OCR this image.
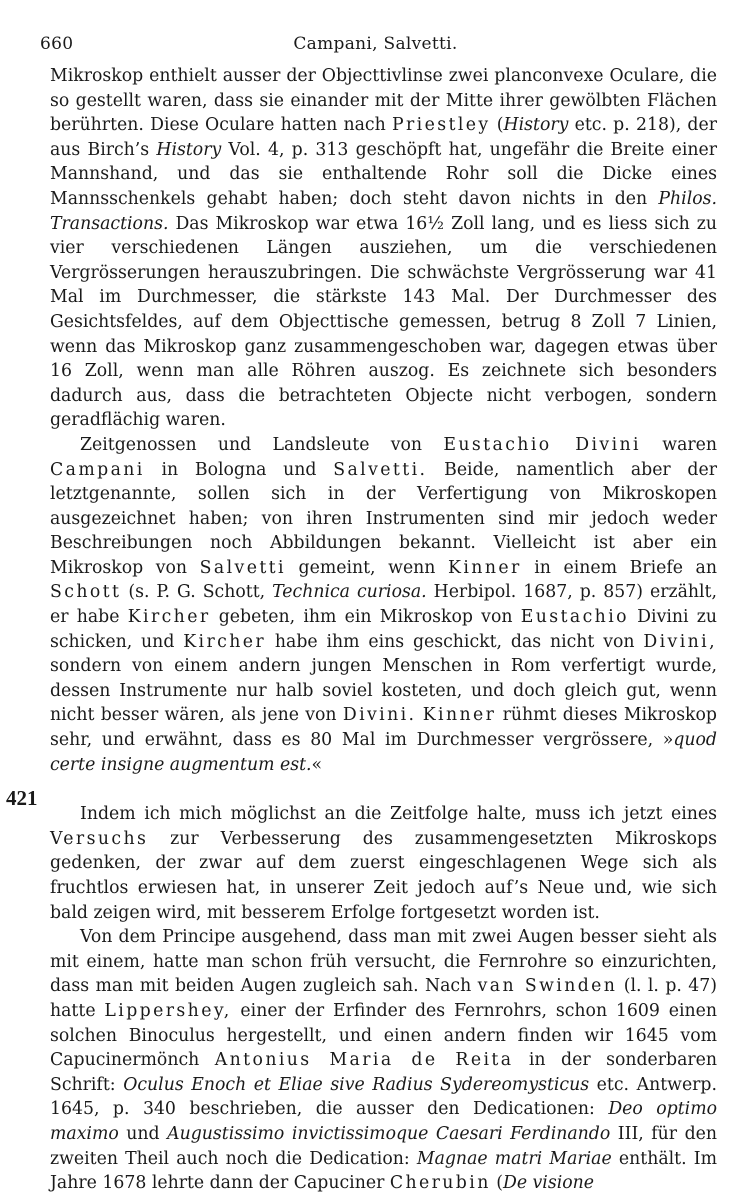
660	Campani, Salvetti.
421

Mikroskop enthielt ausser der Objecttivlinse zwei planconvexe Oculare, die so gestellt waren, dass sie einander mit der Mitte ihrer gewölbten Flächen berührten. Diese Oculare hatten nach Priestley (History etc. p. 218), der aus Birch’s History Vol. 4, p. 313 geschöpft hat, ungefähr die Breite einer Mannshand, und das sie enthaltende Rohr soll die Dicke eines Mannsschenkels gehabt haben; doch steht davon nichts in den Philos. Transactions. Das Mikroskop war etwa 16½ Zoll lang, und es liess sich zu vier verschiedenen Längen ausziehen, um die verschiedenen Vergrösserungen herauszubringen. Die schwächste Vergrösserung war 41 Mal im Durchmesser, die stärkste 143 Mal. Der Durchmesser des Gesichtsfeldes, auf dem Objecttische gemessen, betrug 8 Zoll 7 Linien, wenn das Mikroskop ganz zusammengeschoben war, dagegen etwas über 16 Zoll, wenn man alle Röhren auszog. Es zeichnete sich besonders dadurch aus, dass die betrachteten Objecte nicht verbogen, sondern geradflächig waren.

Zeitgenossen und Landsleute von Eustachio Divini waren Campani in Bologna und Salvetti. Beide, namentlich aber der letztgenannte, sollen sich in der Verfertigung von Mikroskopen ausgezeichnet haben; von ihren Instrumenten sind mir jedoch weder Beschreibungen noch Abbildungen bekannt. Vielleicht ist aber ein Mikroskop von Salvetti gemeint, wenn Kinner in einem Briefe an Schott (s. P. G. Schott, Technica curiosa. Herbipol. 1687, p. 857) erzählt, er habe Kircher gebeten, ihm ein Mikroskop von Eustachio Divini zu schicken, und Kircher habe ihm eins geschickt, das nicht von Divini, sondern von einem andern jungen Menschen in Rom verfertigt wurde, dessen Instrumente nur halb soviel kosteten, und doch gleich gut, wenn nicht besser wären, als jene von Divini. Kinner rühmt dieses Mikroskop sehr, und erwähnt, dass es 80 Mal im Durchmesser vergrössere, »quod certe insigne augmentum est.«

Indem ich mich möglichst an die Zeitfolge halte, muss ich jetzt eines Versuchs zur Verbesserung des zusammengesetzten Mikroskops gedenken, der zwar auf dem zuerst eingeschlagenen Wege sich als fruchtlos erwiesen hat, in unserer Zeit jedoch auf’s Neue und, wie sich bald zeigen wird, mit besserem Erfolge fortgesetzt worden ist.

Von dem Principe ausgehend, dass man mit zwei Augen besser sieht als mit einem, hatte man schon früh versucht, die Fernrohre so einzurichten, dass man mit beiden Augen zugleich sah. Nach van Swinden (l. l. p. 47) hatte Lippershey, einer der Erfinder des Fernrohrs, schon 1609 einen solchen Binoculus hergestellt, und einen andern finden wir 1645 vom Capucinermönch Antonius Maria de Reita in der sonderbaren Schrift: Oculus Enoch et Eliae sive Radius Sydereomysticus etc. Antwerp. 1645, p. 340 beschrieben, die ausser den Dedicationen: Deo optimo maximo und Augustissimo invictissimoque Caesari Ferdinando III, für den zweiten Theil auch noch die Dedication: Magnae matri Mariae enthält. Im Jahre 1678 lehrte dann der Capuciner Cherubin (De visione
